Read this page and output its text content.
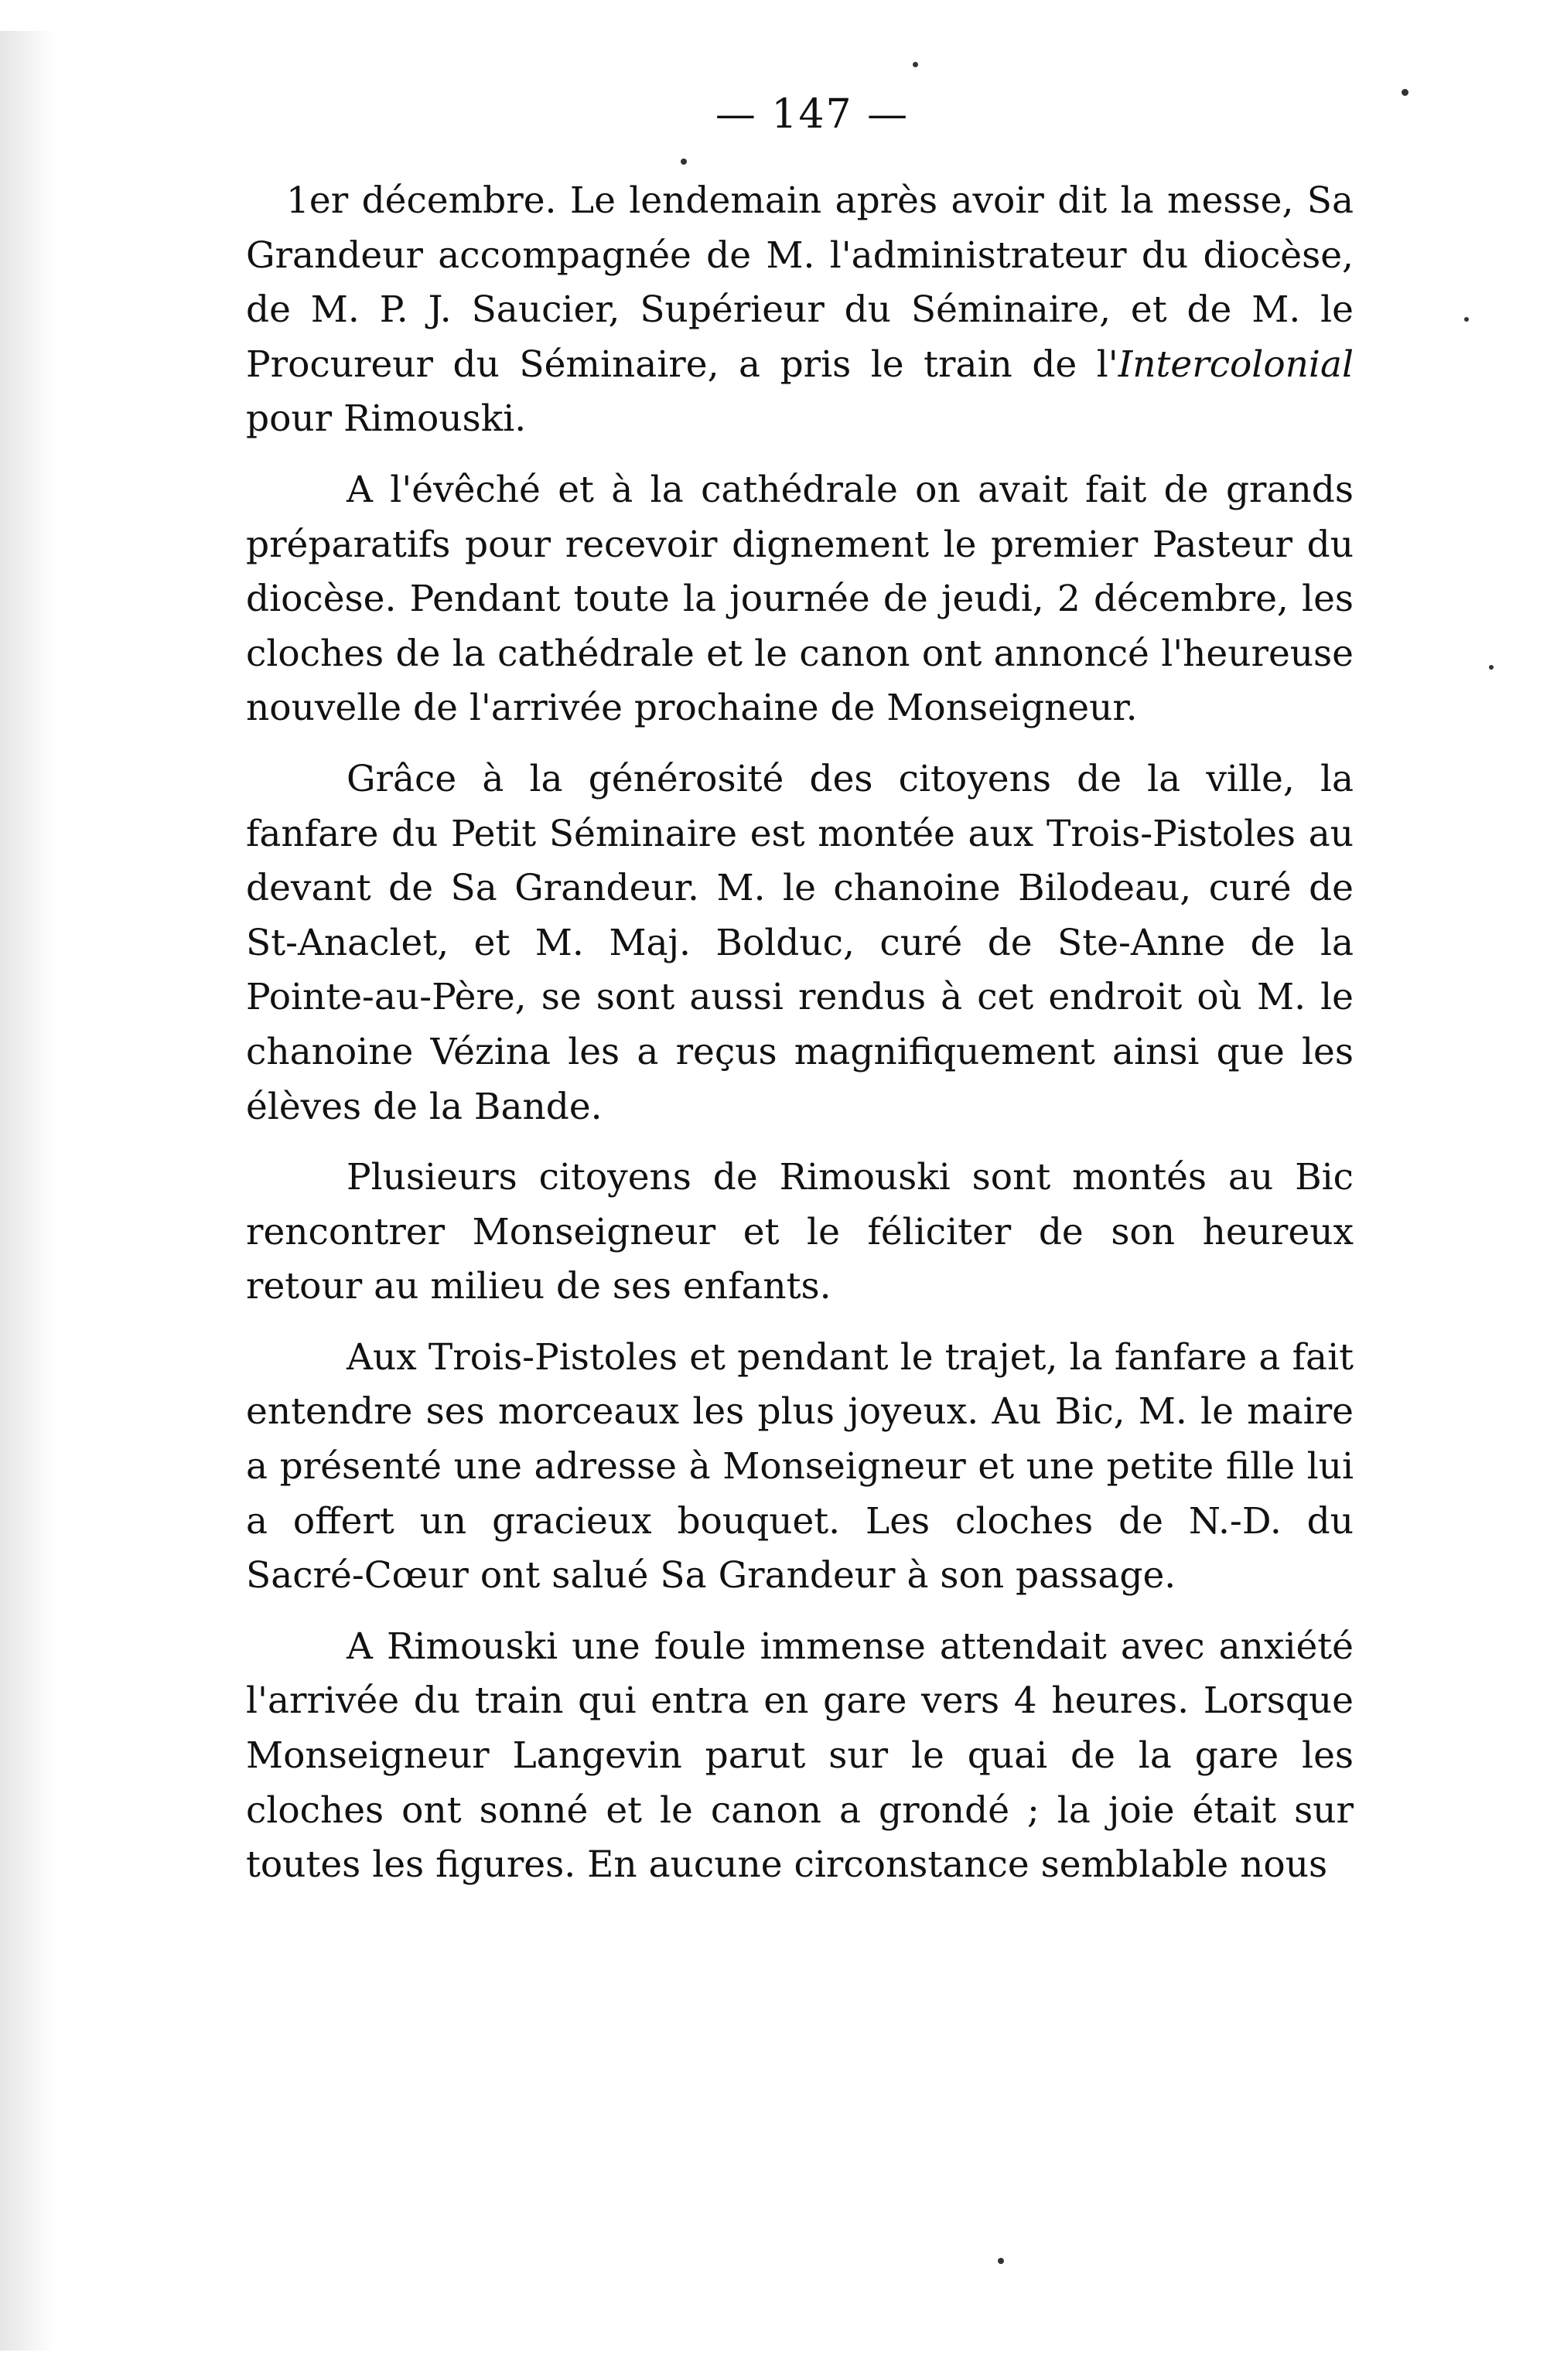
— 147 —

1er décembre. Le lendemain après avoir dit la messe, Sa Grandeur accompagnée de M. l'administrateur du diocèse, de M. P. J. Saucier, Supérieur du Séminaire, et de M. le Procureur du Séminaire, a pris le train de l'Intercolonial pour Rimouski.

A l'évêché et à la cathédrale on avait fait de grands préparatifs pour recevoir dignement le premier Pasteur du diocèse. Pendant toute la journée de jeudi, 2 décembre, les cloches de la cathédrale et le canon ont annoncé l'heureuse nouvelle de l'arrivée prochaine de Monseigneur.

Grâce à la générosité des citoyens de la ville, la fanfare du Petit Séminaire est montée aux Trois-Pistoles au devant de Sa Grandeur. M. le chanoine Bilodeau, curé de St-Anaclet, et M. Maj. Bolduc, curé de Ste-Anne de la Pointe-au-Père, se sont aussi rendus à cet endroit où M. le chanoine Vézina les a reçus magnifiquement ainsi que les élèves de la Bande.

Plusieurs citoyens de Rimouski sont montés au Bic rencontrer Monseigneur et le féliciter de son heureux retour au milieu de ses enfants.

Aux Trois-Pistoles et pendant le trajet, la fanfare a fait entendre ses morceaux les plus joyeux. Au Bic, M. le maire a présenté une adresse à Monseigneur et une petite fille lui a offert un gracieux bouquet. Les cloches de N.-D. du Sacré-Cœur ont salué Sa Grandeur à son passage.

A Rimouski une foule immense attendait avec anxiété l'arrivée du train qui entra en gare vers 4 heures. Lorsque Monseigneur Langevin parut sur le quai de la gare les cloches ont sonné et le canon a grondé ; la joie était sur toutes les figures. En aucune circonstance semblable nous
